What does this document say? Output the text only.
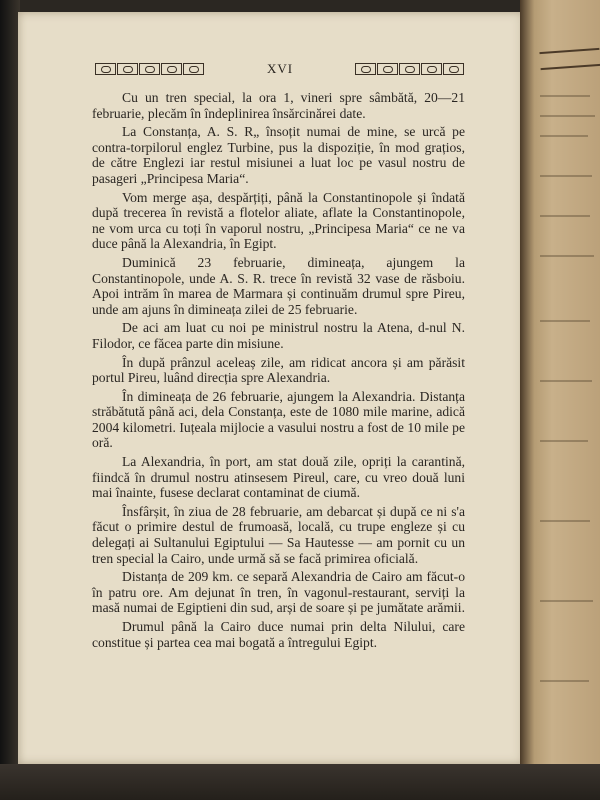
XVI

Cu un tren special, la ora 1, vineri spre sâmbătă, 20—21 februarie, plecăm în îndeplinirea însărcinărei date.

La Constanța, A. S. R„ însoțit numai de mine, se urcă pe contra-torpilorul englez Turbine, pus la dispoziție, în mod grațios, de către Englezi iar restul misiunei a luat loc pe vasul nostru de pasageri „Principesa Maria“.

Vom merge așa, despărțiți, până la Constantinopole și îndată după trecerea în revistă a flotelor aliate, aflate la Constantinopole, ne vom urca cu toți în vaporul nostru, „Principesa Maria“ ce ne va duce până la Alexandria, în Egipt.

Duminică 23 februarie, dimineața, ajungem la Constantinopole, unde A. S. R. trece în revistă 32 vase de răsboiu. Apoi intrăm în marea de Marmara și continuăm drumul spre Pireu, unde am ajuns în dimineața zilei de 25 februarie.

De aci am luat cu noi pe ministrul nostru la Atena, d-nul N. Filodor, ce făcea parte din misiune.

În după prânzul aceleaș zile, am ridicat ancora și am părăsit portul Pireu, luând direcția spre Alexandria.

În dimineața de 26 februarie, ajungem la Alexandria. Distanța străbătută până aci, dela Constanța, este de 1080 mile marine, adică 2004 kilometri. Iuțeala mijlocie a vasului nostru a fost de 10 mile pe oră.

La Alexandria, în port, am stat două zile, opriți la carantină, fiindcă în drumul nostru atinsesem Pireul, care, cu vreo două luni mai înainte, fusese declarat contaminat de ciumă.

Însfârșit, în ziua de 28 februarie, am debarcat și după ce ni s'a făcut o primire destul de frumoasă, locală, cu trupe engleze și cu delegați ai Sultanului Egiptului — Sa Hautesse — am pornit cu un tren special la Cairo, unde urmă să se facă primirea oficială.

Distanța de 209 km. ce separă Alexandria de Cairo am făcut-o în patru ore. Am dejunat în tren, în vagonul-restaurant, serviți la masă numai de Egiptieni din sud, arși de soare și pe jumătate arămii.

Drumul până la Cairo duce numai prin delta Nilului, care constitue și partea cea mai bogată a întregului Egipt.
